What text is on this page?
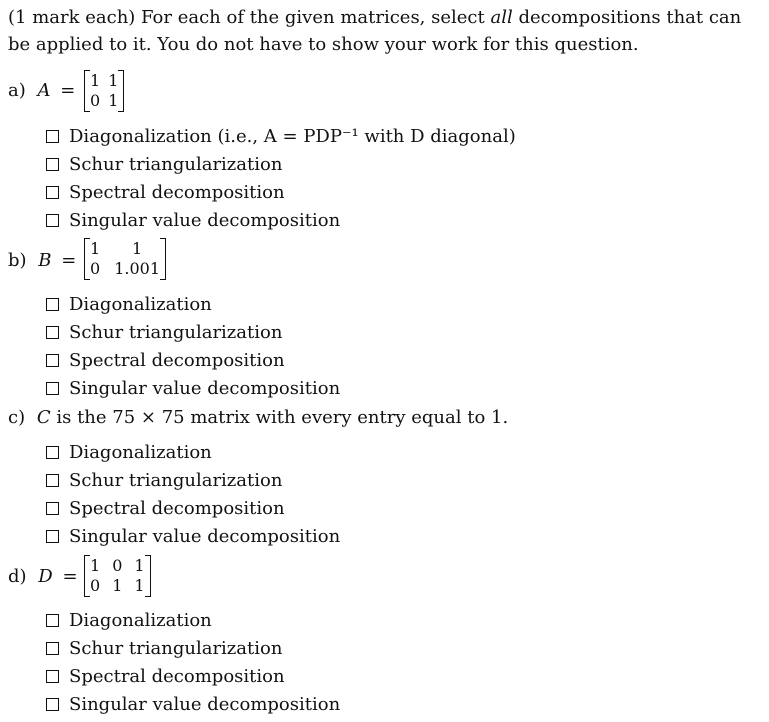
(1 mark each) For each of the given matrices, select all decompositions that can be applied to it. You do not have to show your work for this question.
a) A = 1 1
0 1
Diagonalization (i.e., A = PDP⁻¹ with D diagonal)
Schur triangularization
Spectral decomposition
Singular value decomposition
b) B =
1	1
0 1.001
Diagonalization
Schur triangularization
Spectral decomposition
Singular value decomposition
c) C is the 75 × 75 matrix with every entry equal to 1.
Diagonalization
Schur triangularization
Spectral decomposition
Singular value decomposition
d) D =
1 0 1
0 1 1
Diagonalization
Schur triangularization
Spectral decomposition
Singular value decomposition
